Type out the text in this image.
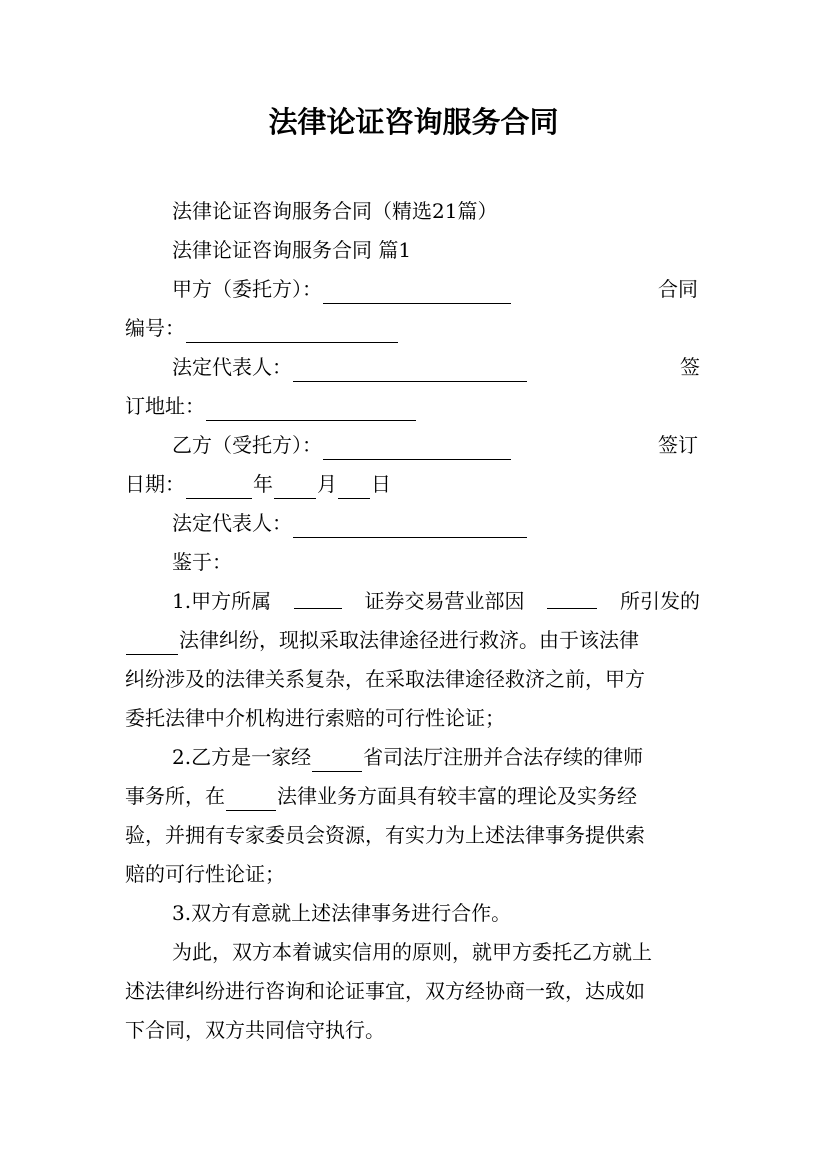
法律论证咨询服务合同
法律论证咨询服务合同（精选21篇）
法律论证咨询服务合同 篇1
甲方（委托方）：	合同
编号：
法定代表人：	签
订地址：
乙方（受托方）：	签订
日期：	年 月 日
法定代表人：
鉴于：
1.甲方所属	证券交易营业部因	所引发的
法律纠纷，现拟采取法律途径进行救济。由于该法律
纠纷涉及的法律关系复杂，在采取法律途径救济之前，甲方
委托法律中介机构进行索赔的可行性论证；
2.乙方是一家经	省司法厅注册并合法存续的律师
事务所，在	法律业务方面具有较丰富的理论及实务经
验，并拥有专家委员会资源，有实力为上述法律事务提供索
赔的可行性论证；
3.双方有意就上述法律事务进行合作。
为此，双方本着诚实信用的原则，就甲方委托乙方就上
述法律纠纷进行咨询和论证事宜，双方经协商一致，达成如
下合同，双方共同信守执行。
